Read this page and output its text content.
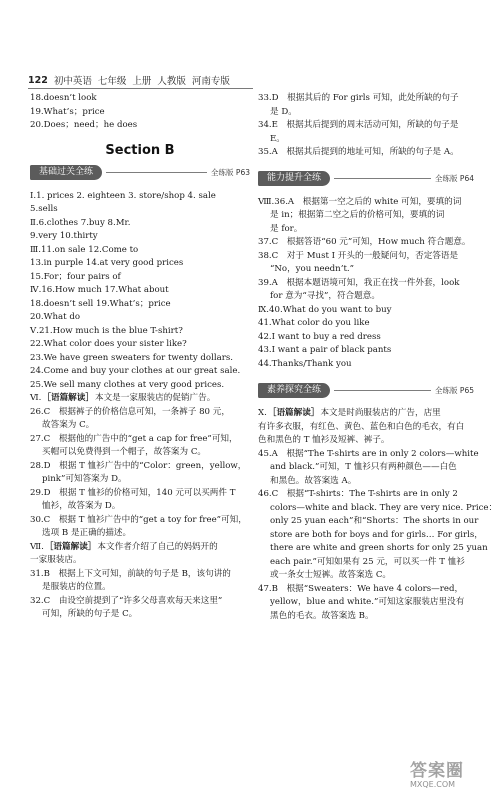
122 初中英语 七年级 上册 人教版 河南专版
18.doesn’t look
19.What’s；price
20.Does；need；he does
Section B
基础过关全练	全练版 P63
Ⅰ.1. prices 2. eighteen 3. store/shop 4. sale
5.sells
Ⅱ.6.clothes 7.buy 8.Mr.
9.very 10.thirty
Ⅲ.11.on sale 12.Come to
13.in purple 14.at very good prices
15.For；four pairs of
Ⅳ.16.How much 17.What about
18.doesn’t sell 19.What’s；price
20.What do
Ⅴ.21.How much is the blue T-shirt?
22.What color does your sister like?
23.We have green sweaters for twenty dollars.
24.Come and buy your clothes at our great sale.
25.We sell many clothes at very good prices.
Ⅵ.［语篇解读］本文是一家服装店的促销广告。
26.C　根据裤子的价格信息可知，一条裤子 80 元，
故答案为 C。
27.C　根据他的广告中的“get a cap for free”可知，
买帽可以免费得到一个帽子，故答案为 C。
28.D　根据 T 恤衫广告中的“Color：green，yellow，
pink”可知答案为 D。
29.D　根据 T 恤衫的价格可知，140 元可以买两件 T
恤衫，故答案为 D。
30.C　根据 T 恤衫广告中的“get a toy for free”可知，
选项 B 是正确的描述。
Ⅶ.［语篇解读］本文作者介绍了自己的妈妈开的
一家服装店。
31.B　根据上下文可知，前缺的句子是 B，该句讲的
是服装店的位置。
32.C　由设空前提到了“许多父母喜欢每天来这里”
可知，所缺的句子是 C。
33.D　根据其后的 For girls 可知，此处所缺的句子
是 D。
34.E　根据其后提到的周末活动可知，所缺的句子是
E。
35.A　根据其后提到的地址可知，所缺的句子是 A。
能力提升全练	全练版 P64
Ⅷ.36.A　根据第一空之后的 white 可知，要填的词
是 in；根据第二空之后的价格可知，要填的词
是 for。
37.C　根据答语“60 元”可知，How much 符合题意。
38.C　对于 Must I 开头的一般疑问句，否定答语是
“No，you needn’t.”
39.A　根据本题语境可知，我正在找一件外套，look
for 意为“寻找”，符合题意。
Ⅸ.40.What do you want to buy
41.What color do you like
42.I want to buy a red dress
43.I want a pair of black pants
44.Thanks/Thank you
素养探究全练	全练版 P65
Ⅹ.［语篇解读］本文是时尚服装店的广告，店里
有许多衣服，有红色、黄色、蓝色和白色的毛衣，有白
色和黑色的 T 恤衫及短裤、裤子。
45.A　根据“The T-shirts are in only 2 colors—white
and black.”可知，T 恤衫只有两种颜色——白色
和黑色。故答案选 A。
46.C　根据“T-shirts：The T-shirts are in only 2
colors—white and black. They are very nice. Price：
only 25 yuan each”和“Shorts：The shorts in our
store are both for boys and for girls… For girls，
there are white and green shorts for only 25 yuan
each pair.”可知如果有 25 元，可以买一件 T 恤衫
或一条女士短裤。故答案选 C。
47.B　根据“Sweaters：We have 4 colors—red，
yellow，blue and white.”可知这家服装店里没有
黑色的毛衣。故答案选 B。
答案圈
MXQE.COM
